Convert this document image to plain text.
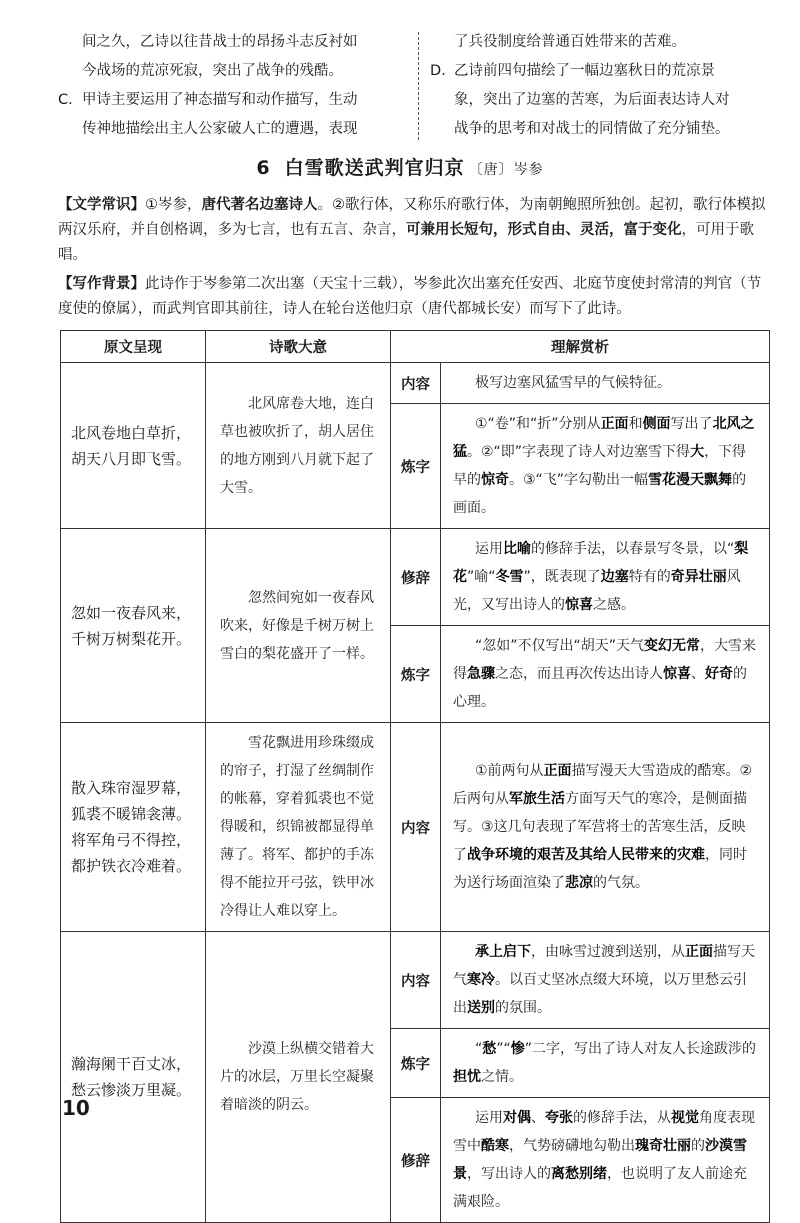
间之久，乙诗以往昔战士的昂扬斗志反衬如
今战场的荒凉死寂，突出了战争的残酷。
C. 甲诗主要运用了神态描写和动作描写，生动
传神地描绘出主人公家破人亡的遭遇，表现
了兵役制度给普通百姓带来的苦难。
D. 乙诗前四句描绘了一幅边塞秋日的荒凉景
象，突出了边塞的苦寒，为后面表达诗人对
战争的思考和对战士的同情做了充分铺垫。
6 白雪歌送武判官归京 〔唐〕岑参
【文学常识】①岑参，唐代著名边塞诗人。②歌行体，又称乐府歌行体，为南朝鲍照所独创。起初，歌行体模拟两汉乐府，并自创格调，多为七言，也有五言、杂言，可兼用长短句，形式自由、灵活，富于变化，可用于歌唱。
【写作背景】此诗作于岑参第二次出塞（天宝十三载），岑参此次出塞充任安西、北庭节度使封常清的判官（节度使的僚属），而武判官即其前往，诗人在轮台送他归京（唐代都城长安）而写下了此诗。
原文呈现	诗歌大意	理解赏析	

北风卷地白草折，
胡天八月即飞雪。	北风席卷大地，连白草也被吹折了，胡人居住的地方刚到八月就下起了大雪。	内容	极写边塞风猛雪早的气候特征。

		炼字	①“卷”和“折”分别从正面和侧面写出了北风之猛。②“即”字表现了诗人对边塞雪下得大，下得早的惊奇。③“飞”字勾勒出一幅雪花漫天飘舞的画面。

忽如一夜春风来，
千树万树梨花开。	忽然间宛如一夜春风吹来，好像是千树万树上雪白的梨花盛开了一样。	修辞	运用比喻的修辞手法，以春景写冬景，以“梨花”喻“冬雪”，既表现了边塞特有的奇异壮丽风光，又写出诗人的惊喜之感。
		炼字	“忽如”不仅写出“胡天”天气变幻无常，大雪来得急骤之态，而且再次传达出诗人惊喜、好奇的心理。

散入珠帘湿罗幕，
狐裘不暖锦衾薄。
将军角弓不得控，
都护铁衣冷难着。	雪花飘进用珍珠缀成的帘子，打湿了丝绸制作的帐幕，穿着狐裘也不觉得暖和，织锦被都显得单薄了。将军、都护的手冻得不能拉开弓弦，铁甲冰冷得让人难以穿上。	内容	①前两句从正面描写漫天大雪造成的酷寒。②后两句从军旅生活方面写天气的寒冷，是侧面描写。③这几句表现了军营将士的苦寒生活，反映了战争环境的艰苦及其给人民带来的灾难，同时为送行场面渲染了悲凉的气氛。

瀚海阑干百丈冰，
愁云惨淡万里凝。	沙漠上纵横交错着大片的冰层，万里长空凝聚着暗淡的阴云。	内容	承上启下，由咏雪过渡到送别，从正面描写天气寒冷。以百丈坚冰点缀大环境，以万里愁云引出送别的氛围。
		炼字	“愁”“惨”二字，写出了诗人对友人长途跋涉的担忧之情。
		修辞	运用对偶、夸张的修辞手法，从视觉角度表现雪中酷寒，气势磅礴地勾勒出瑰奇壮丽的沙漠雪景，写出诗人的离愁别绪，也说明了友人前途充满艰险。
10
